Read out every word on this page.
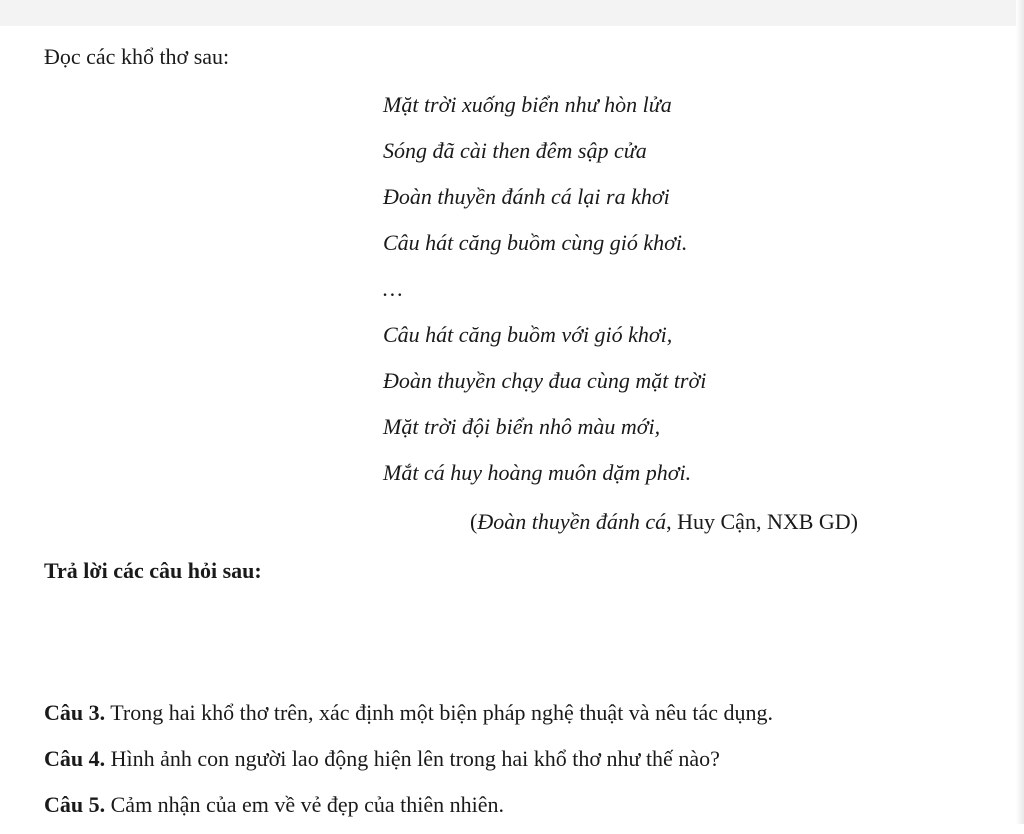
Đọc các khổ thơ sau:

Mặt trời xuống biển như hòn lửa
Sóng đã cài then đêm sập cửa
Đoàn thuyền đánh cá lại ra khơi
Câu hát căng buồm cùng gió khơi.
…
Câu hát căng buồm với gió khơi,
Đoàn thuyền chạy đua cùng mặt trời
Mặt trời đội biển nhô màu mới,
Mắt cá huy hoàng muôn dặm phơi.
(Đoàn thuyền đánh cá, Huy Cận, NXB GD)

Trả lời các câu hỏi sau:

Câu 3. Trong hai khổ thơ trên, xác định một biện pháp nghệ thuật và nêu tác dụng.
Câu 4. Hình ảnh con người lao động hiện lên trong hai khổ thơ như thế nào?
Câu 5. Cảm nhận của em về vẻ đẹp của thiên nhiên.
